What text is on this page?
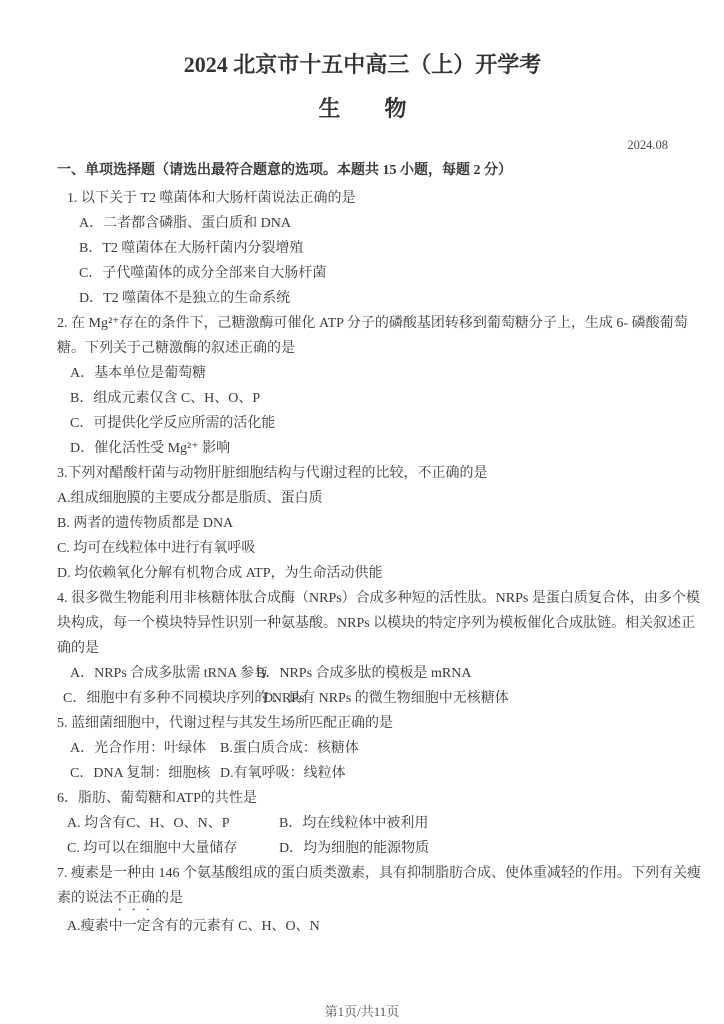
2024 北京市十五中高三（上）开学考
生　　物
2024.08
一、单项选择题（请选出最符合题意的选项。本题共 15 小题，每题 2 分）
1. 以下关于 T2 噬菌体和大肠杆菌说法正确的是
A．二者都含磷脂、蛋白质和 DNA
B．T2 噬菌体在大肠杆菌内分裂增殖
C．子代噬菌体的成分全部来自大肠杆菌
D．T2 噬菌体不是独立的生命系统
2. 在 Mg²⁺存在的条件下，己糖激酶可催化 ATP 分子的磷酸基团转移到葡萄糖分子上，生成 6- 磷酸葡萄
糖。下列关于己糖激酶的叙述正确的是
A．基本单位是葡萄糖
B．组成元素仅含 C、H、O、P
C．可提供化学反应所需的活化能
D．催化活性受 Mg²⁺ 影响
3.下列对醋酸杆菌与动物肝脏细胞结构与代谢过程的比较，不正确的是
A.组成细胞膜的主要成分都是脂质、蛋白质
B. 两者的遗传物质都是 DNA
C. 均可在线粒体中进行有氧呼吸
D. 均依赖氧化分解有机物合成 ATP，为生命活动供能
4. 很多微生物能利用非核糖体肽合成酶（NRPs）合成多种短的活性肽。NRPs 是蛋白质复合体，由多个模
块构成，每一个模块特异性识别一种氨基酸。NRPs 以模块的特定序列为模板催化合成肽链。相关叙述正
确的是
A．NRPs 合成多肽需 tRNA 参与B．NRPs 合成多肽的模板是 mRNA
C．细胞中有多种不同模块序列的 NRPsD．具有 NRPs 的微生物细胞中无核糖体
5. 蓝细菌细胞中，代谢过程与其发生场所匹配正确的是
A．光合作用：叶绿体 B.蛋白质合成：核糖体
C．DNA 复制：细胞核 D.有氧呼吸：线粒体
6．脂肪、葡萄糖和ATP的共性是
A. 均含有C、H、O、N、P	B．均在线粒体中被利用
C. 均可以在细胞中大量储存	D．均为细胞的能源物质
7. 瘦素是一种由 146 个氨基酸组成的蛋白质类激素，具有抑制脂肪合成、使体重减轻的作用。下列有关瘦
素的说法不正确的是
A.瘦素中一定含有的元素有 C、H、O、N
第1页/共11页
